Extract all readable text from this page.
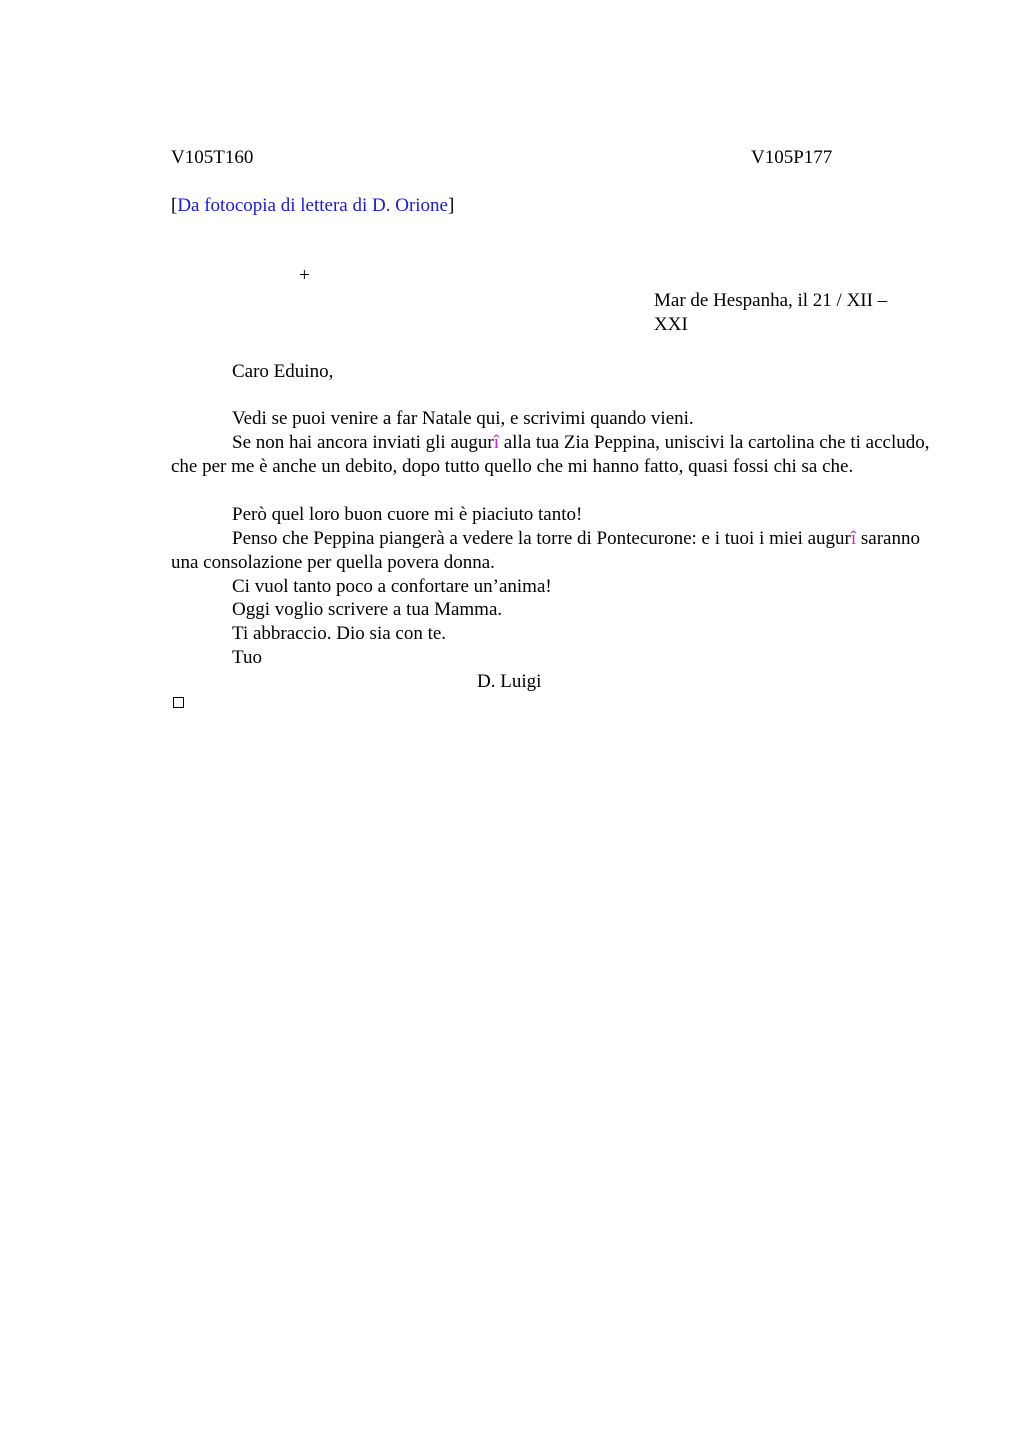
V105T160	V105P177
[Da fotocopia di lettera di D. Orione]
+
Mar de Hespanha, il 21 / XII –
XXI
Caro Eduino,
Vedi se puoi venire a far Natale qui, e scrivimi quando vieni.
Se non hai ancora inviati gli augurî alla tua Zia Peppina, uniscivi la cartolina che ti accludo, che per me è anche un debito, dopo tutto quello che mi hanno fatto, quasi fossi chi sa che.
Però quel loro buon cuore mi è piaciuto tanto!
Penso che Peppina piangerà a vedere la torre di Pontecurone: e i tuoi i miei augurî saranno una consolazione per quella povera donna.
Ci vuol tanto poco a confortare un’anima!
Oggi voglio scrivere a tua Mamma.
Ti abbraccio. Dio sia con te.
Tuo
D. Luigi
